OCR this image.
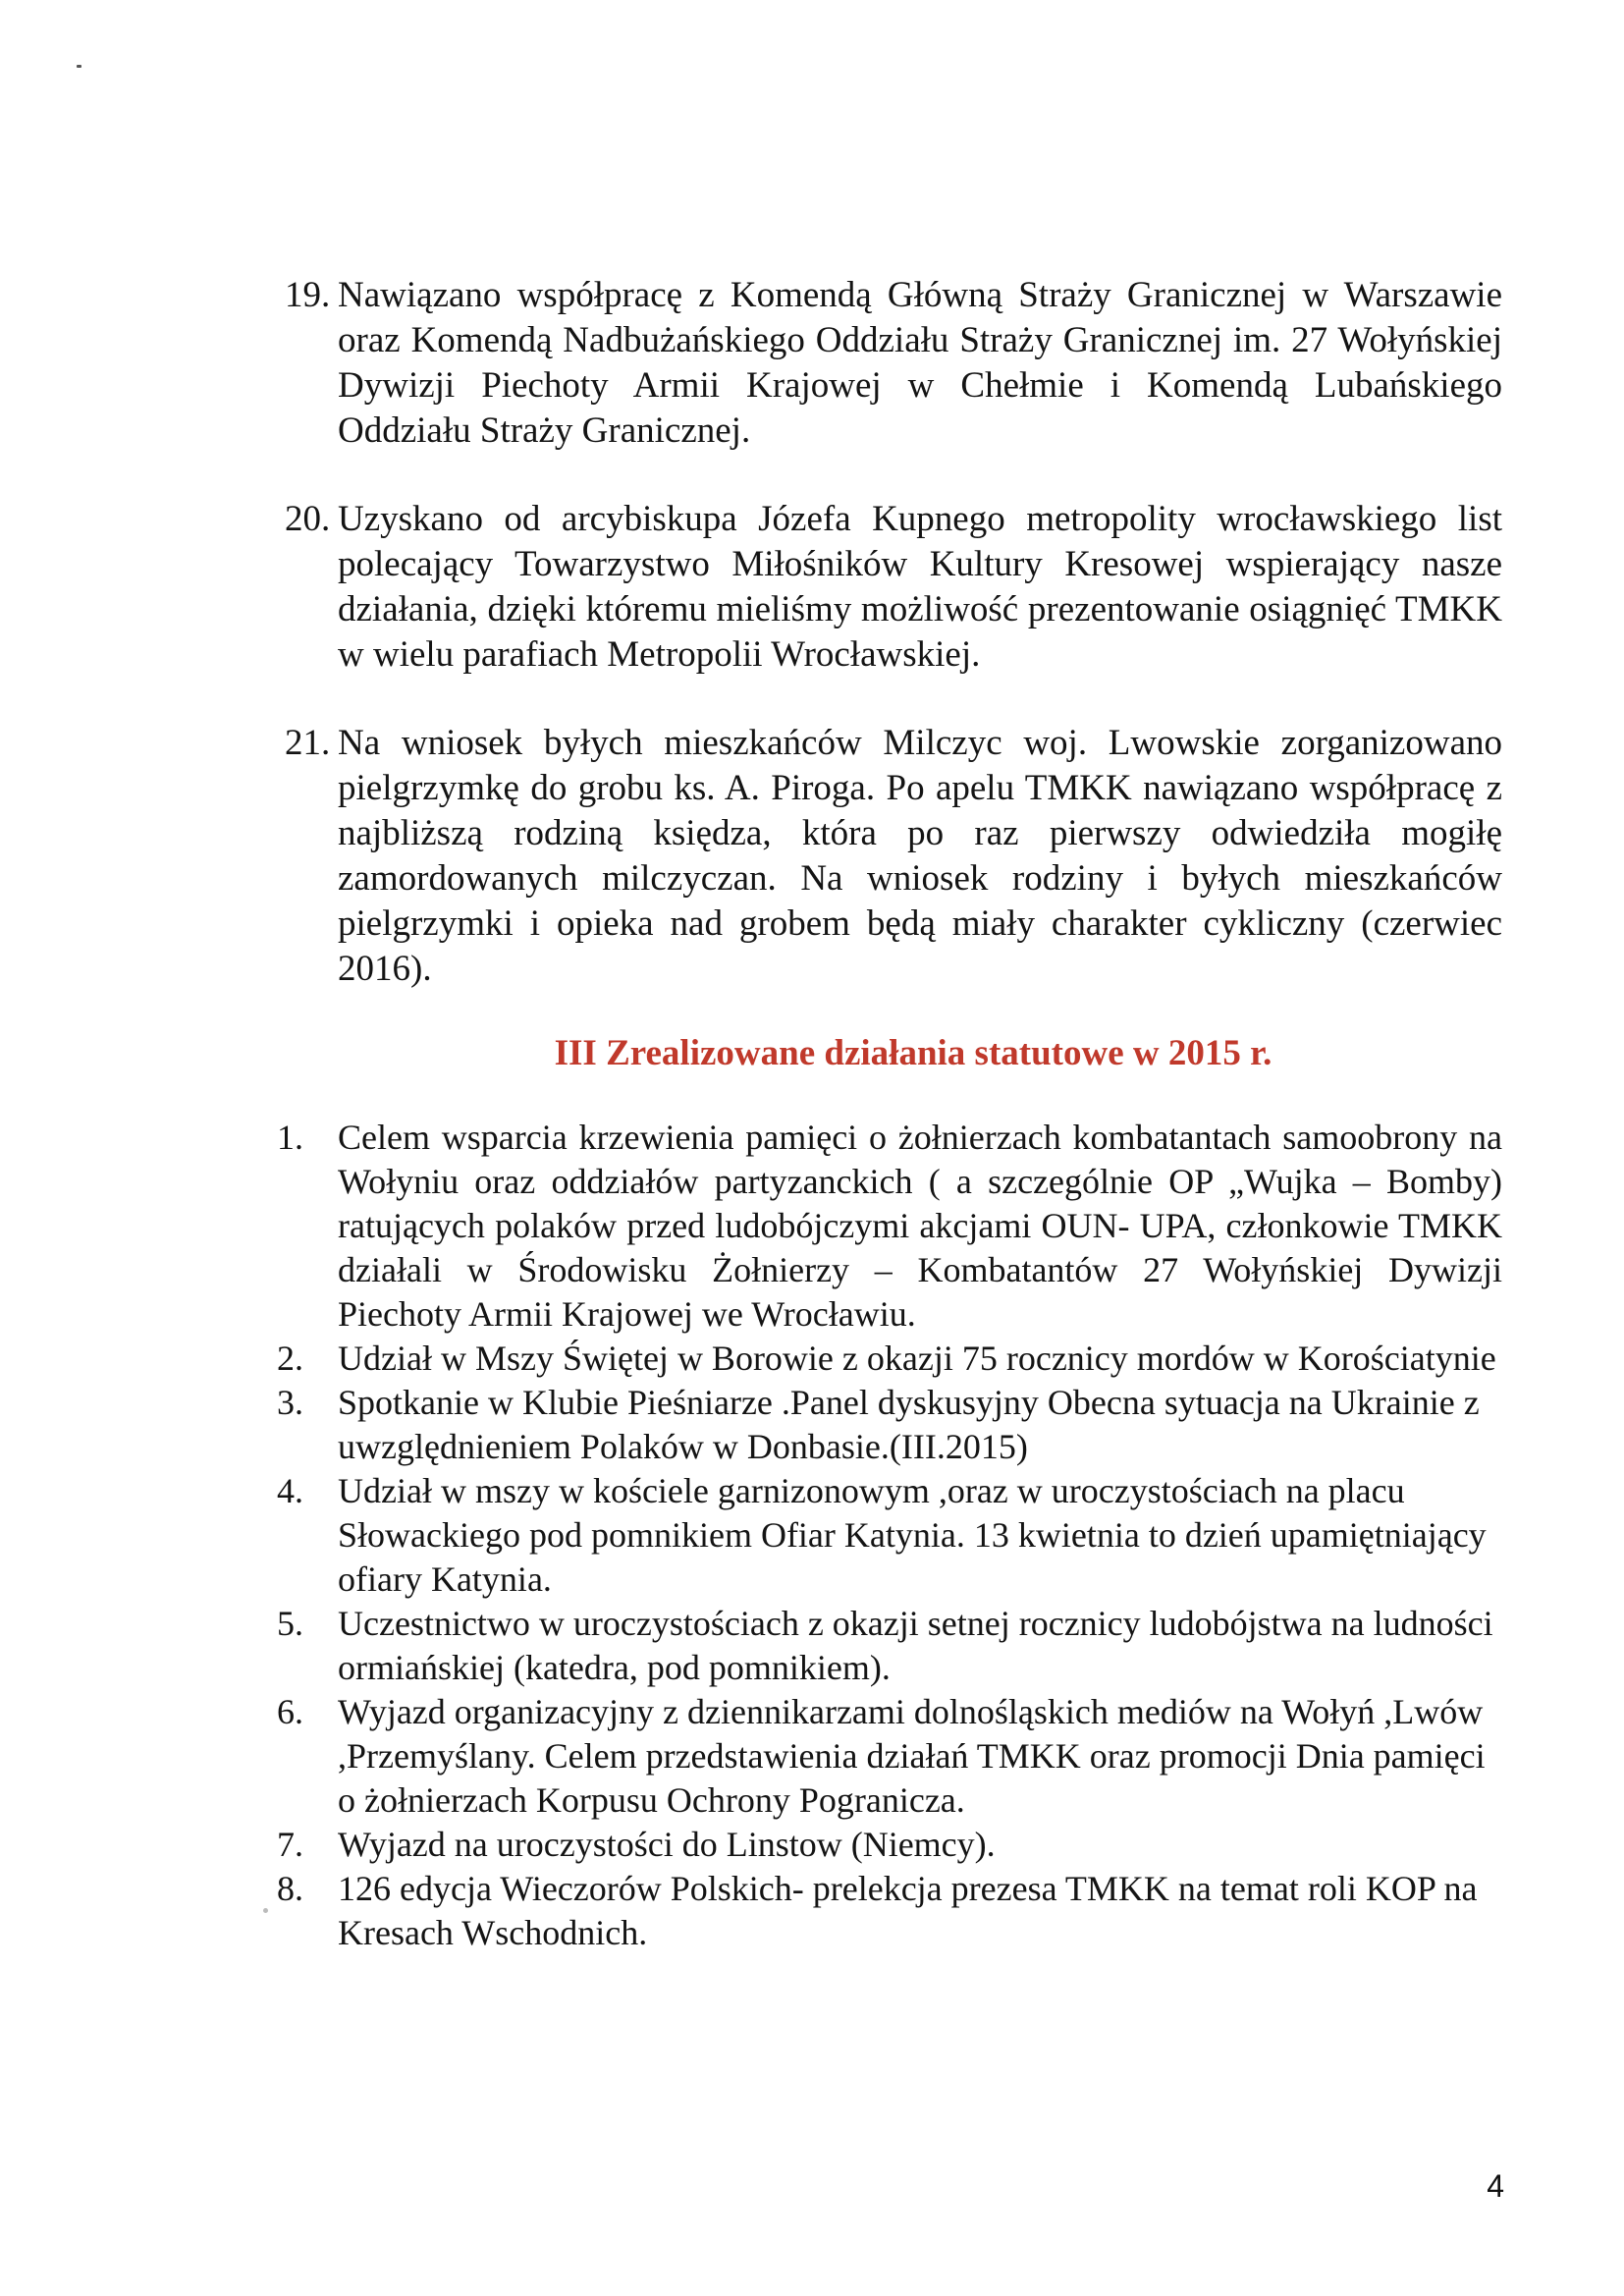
19. Nawiązano współpracę z Komendą Główną Straży Granicznej w Warszawie oraz Komendą Nadbużańskiego Oddziału Straży Granicznej im. 27 Wołyńskiej Dywizji Piechoty Armii Krajowej w Chełmie i Komendą Lubańskiego Oddziału Straży Granicznej.
20. Uzyskano od arcybiskupa Józefa Kupnego metropolity wrocławskiego list polecający Towarzystwo Miłośników Kultury Kresowej wspierający nasze działania, dzięki któremu mieliśmy możliwość prezentowanie osiągnięć TMKK w wielu parafiach Metropolii Wrocławskiej.
21. Na wniosek byłych mieszkańców Milczyc woj. Lwowskie zorganizowano pielgrzymkę do grobu ks. A. Piroga. Po apelu TMKK nawiązano współpracę z najbliższą rodziną księdza, która po raz pierwszy odwiedziła mogiłę zamordowanych milczyczan. Na wniosek rodziny i byłych mieszkańców pielgrzymki i opieka nad grobem będą miały charakter cykliczny (czerwiec 2016).
III Zrealizowane działania statutowe w 2015 r.
1. Celem wsparcia krzewienia pamięci o żołnierzach kombatantach samoobrony na Wołyniu oraz oddziałów partyzanckich ( a szczególnie OP „Wujka – Bomby) ratujących polaków przed ludobójczymi akcjami OUN- UPA, członkowie TMKK działali w Środowisku Żołnierzy – Kombatantów 27 Wołyńskiej Dywizji Piechoty Armii Krajowej we Wrocławiu.
2. Udział w Mszy Świętej w Borowie z okazji 75 rocznicy mordów w Korościatynie
3. Spotkanie w Klubie Pieśniarze .Panel dyskusyjny Obecna sytuacja na Ukrainie z uwzględnieniem Polaków w Donbasie.(III.2015)
4. Udział w mszy w kościele garnizonowym ,oraz w uroczystościach na placu Słowackiego pod pomnikiem Ofiar Katynia. 13 kwietnia to dzień upamiętniający ofiary Katynia.
5. Uczestnictwo w uroczystościach z okazji setnej rocznicy ludobójstwa na ludności ormiańskiej (katedra, pod pomnikiem).
6. Wyjazd organizacyjny z dziennikarzami dolnośląskich mediów na Wołyń ,Lwów ,Przemyślany. Celem przedstawienia działań TMKK oraz promocji Dnia pamięci o żołnierzach Korpusu Ochrony Pogranicza.
7. Wyjazd na uroczystości do Linstow (Niemcy).
8. 126 edycja Wieczorów Polskich- prelekcja prezesa TMKK na temat roli KOP na Kresach Wschodnich.
4
